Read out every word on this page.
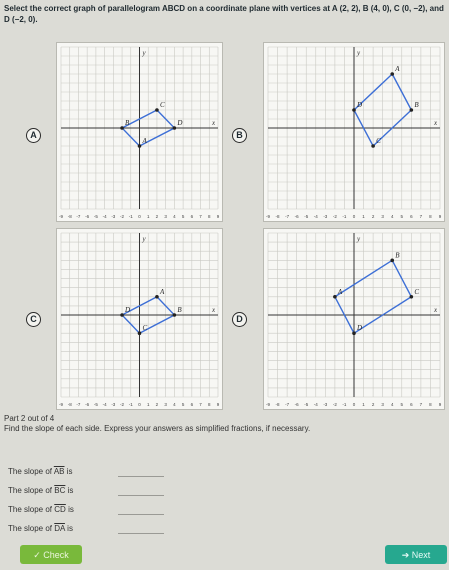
Select the correct graph of parallelogram ABCD on a coordinate plane with vertices at A (2, 2), B (4, 0), C (0, −2), and D (−2, 0).
A
y
x
-9 -8 -7 -6 -5 -4 -3 -2 -1 0 1 2 3 4 5 6 7 8 9
A
B
C
D
B
y
x
-9 -8 -7 -6 -5 -4 -3 -2 -1 0 1 2 3 4 5 6 7 8 9
A
B
C
D
C
y
x
-9 -8 -7 -6 -5 -4 -3 -2 -1 0 1 2 3 4 5 6 7 8 9
A
B
C
D
D
y
x
-9 -8 -7 -6 -5 -4 -3 -2 -1 0 1 2 3 4 5 6 7 8 9
A
B
C
D
Part 2 out of 4
Find the slope of each side. Express your answers as simplified fractions, if necessary.
The slope of $\overline{AB}$ is
The slope of $\overline{BC}$ is
The slope of $\overline{CD}$ is
The slope of $\overline{DA}$ is
✓ Check	➔ Next
